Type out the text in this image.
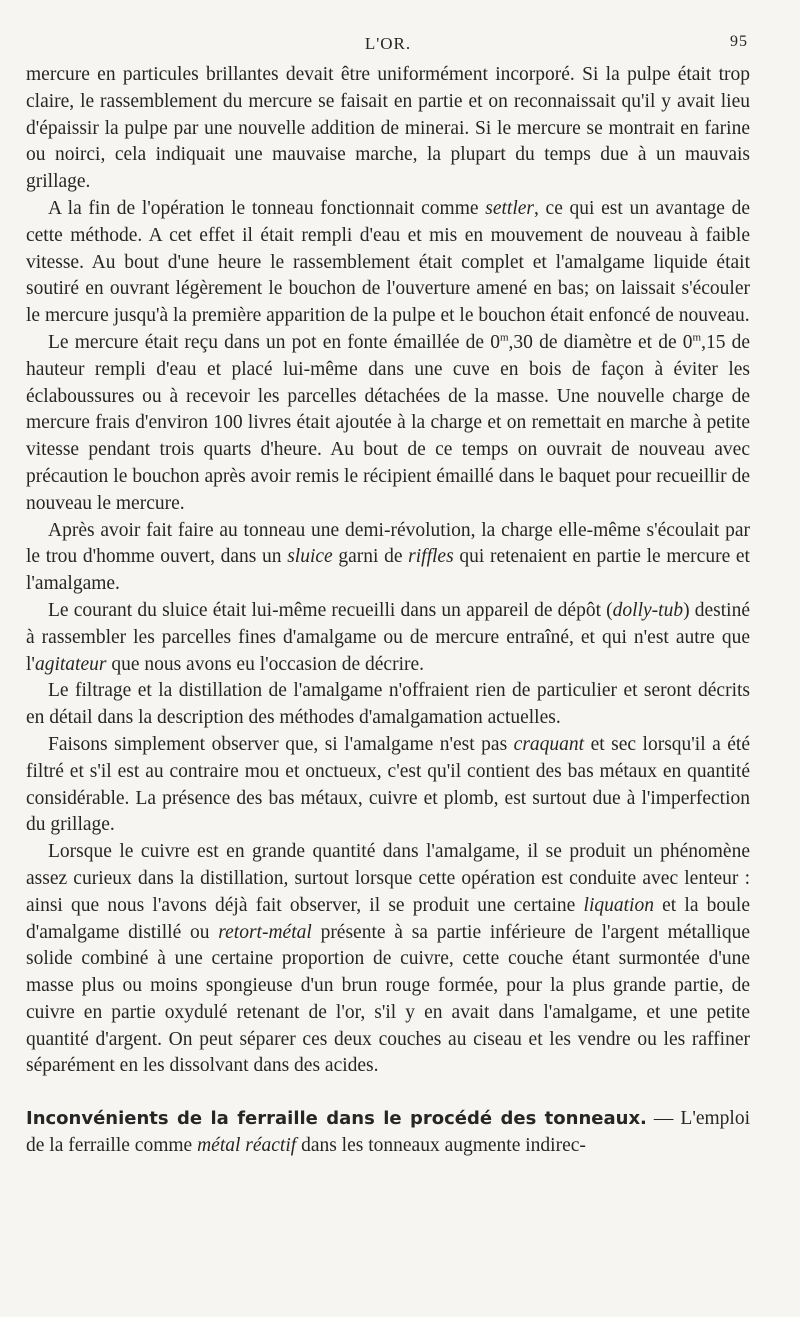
L'OR.	95

mercure en particules brillantes devait être uniformément incorporé. Si la pulpe était trop claire, le rassemblement du mercure se faisait en partie et on reconnaissait qu'il y avait lieu d'épaissir la pulpe par une nouvelle addition de minerai. Si le mercure se montrait en farine ou noirci, cela indiquait une mauvaise marche, la plupart du temps due à un mauvais grillage.

A la fin de l'opération le tonneau fonctionnait comme settler, ce qui est un avantage de cette méthode. A cet effet il était rempli d'eau et mis en mouvement de nouveau à faible vitesse. Au bout d'une heure le rassemblement était complet et l'amalgame liquide était soutiré en ouvrant légèrement le bouchon de l'ouverture amené en bas; on laissait s'écouler le mercure jusqu'à la première apparition de la pulpe et le bouchon était enfoncé de nouveau.

Le mercure était reçu dans un pot en fonte émaillée de 0$^m$,30 de diamètre et de 0$^m$,15 de hauteur rempli d'eau et placé lui-même dans une cuve en bois de façon à éviter les éclaboussures ou à recevoir les parcelles détachées de la masse. Une nouvelle charge de mercure frais d'environ 100 livres était ajoutée à la charge et on remettait en marche à petite vitesse pendant trois quarts d'heure. Au bout de ce temps on ouvrait de nouveau avec précaution le bouchon après avoir remis le récipient émaillé dans le baquet pour recueillir de nouveau le mercure.

Après avoir fait faire au tonneau une demi-révolution, la charge elle-même s'écoulait par le trou d'homme ouvert, dans un sluice garni de riffles qui retenaient en partie le mercure et l'amalgame.

Le courant du sluice était lui-même recueilli dans un appareil de dépôt (dolly-tub) destiné à rassembler les parcelles fines d'amalgame ou de mercure entraîné, et qui n'est autre que l'agitateur que nous avons eu l'occasion de décrire.

Le filtrage et la distillation de l'amalgame n'offraient rien de particulier et seront décrits en détail dans la description des méthodes d'amalgamation actuelles.

Faisons simplement observer que, si l'amalgame n'est pas craquant et sec lorsqu'il a été filtré et s'il est au contraire mou et onctueux, c'est qu'il contient des bas métaux en quantité considérable. La présence des bas métaux, cuivre et plomb, est surtout due à l'imperfection du grillage.

Lorsque le cuivre est en grande quantité dans l'amalgame, il se produit un phénomène assez curieux dans la distillation, surtout lorsque cette opération est conduite avec lenteur : ainsi que nous l'avons déjà fait observer, il se produit une certaine liquation et la boule d'amalgame distillé ou retort-métal présente à sa partie inférieure de l'argent métallique solide combiné à une certaine proportion de cuivre, cette couche étant surmontée d'une masse plus ou moins spongieuse d'un brun rouge formée, pour la plus grande partie, de cuivre en partie oxydulé retenant de l'or, s'il y en avait dans l'amalgame, et une petite quantité d'argent. On peut séparer ces deux couches au ciseau et les vendre ou les raffiner séparément en les dissolvant dans des acides.

Inconvénients de la ferraille dans le procédé des tonneaux. — L'emploi de la ferraille comme métal réactif dans les tonneaux augmente indirec-
